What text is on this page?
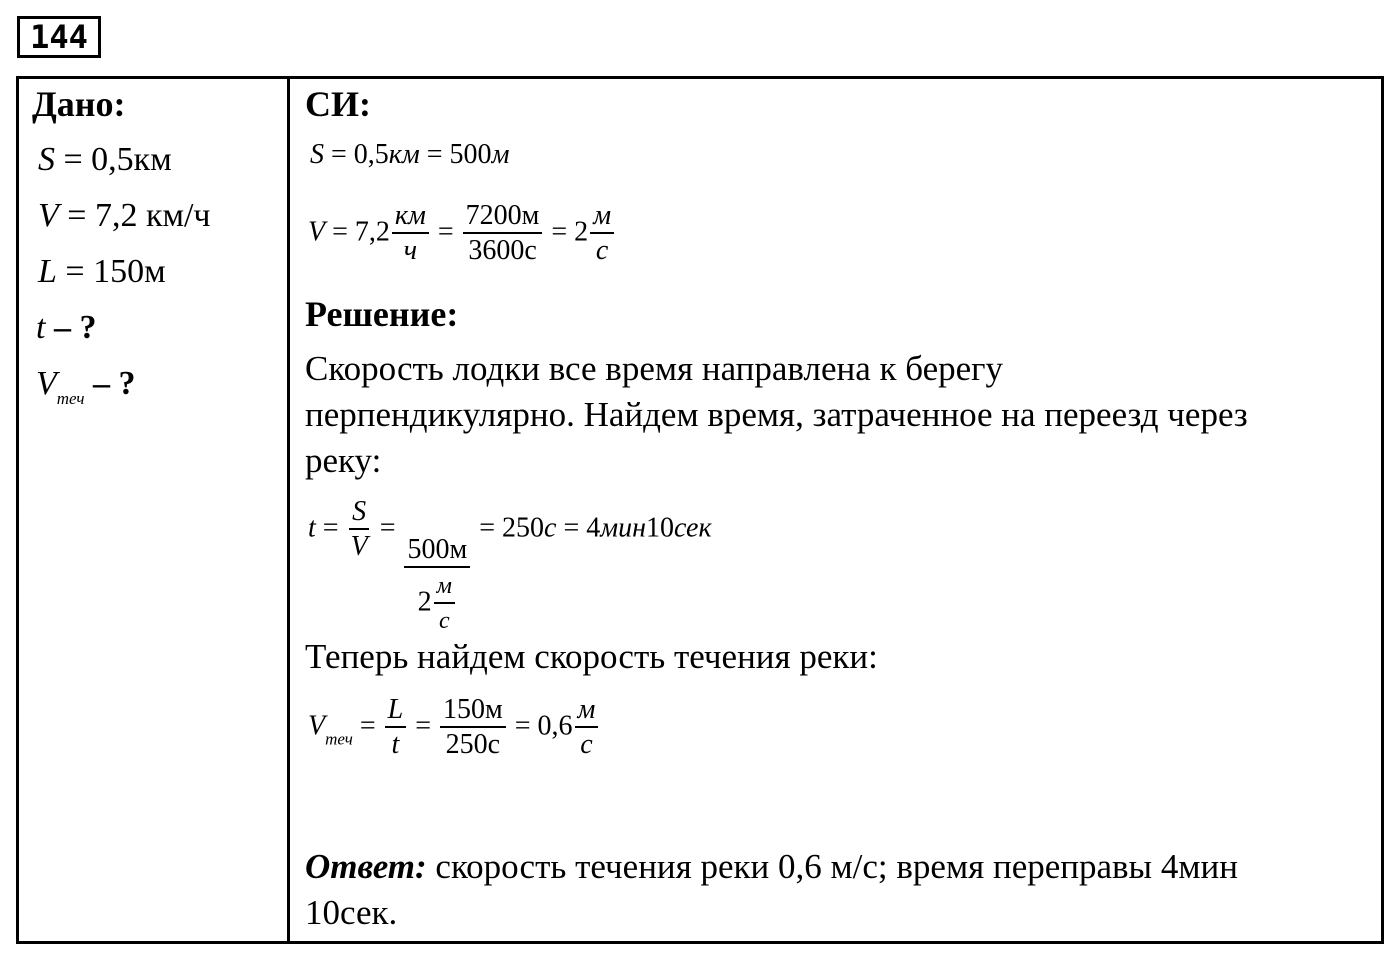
144
Дано:
S = 0,5км
V = 7,2 км/ч
L = 150м
t – ?
$V_{теч}$ – ?
СИ:
S = 0,5км = 500м
$V = 7,2 \frac{км}{ч} = \frac{7200м}{3600с} = 2 \frac{м}{с}$
Решение:
Скорость лодки все время направлена к берегу
перпендикулярно. Найдем время, затраченное на переезд через
реку:
$t = \frac{S}{V}$ =
$\frac{500м}{2 \frac{м}{с}}$
= 250с = 4мин10сек
Теперь найдем скорость течения реки:
$V_{теч} = \frac{L}{t} = \frac{150м}{250с} = 0,6 \frac{м}{с}$
Ответ: скорость течения реки 0,6 м/с; время переправы 4мин
10сек.
